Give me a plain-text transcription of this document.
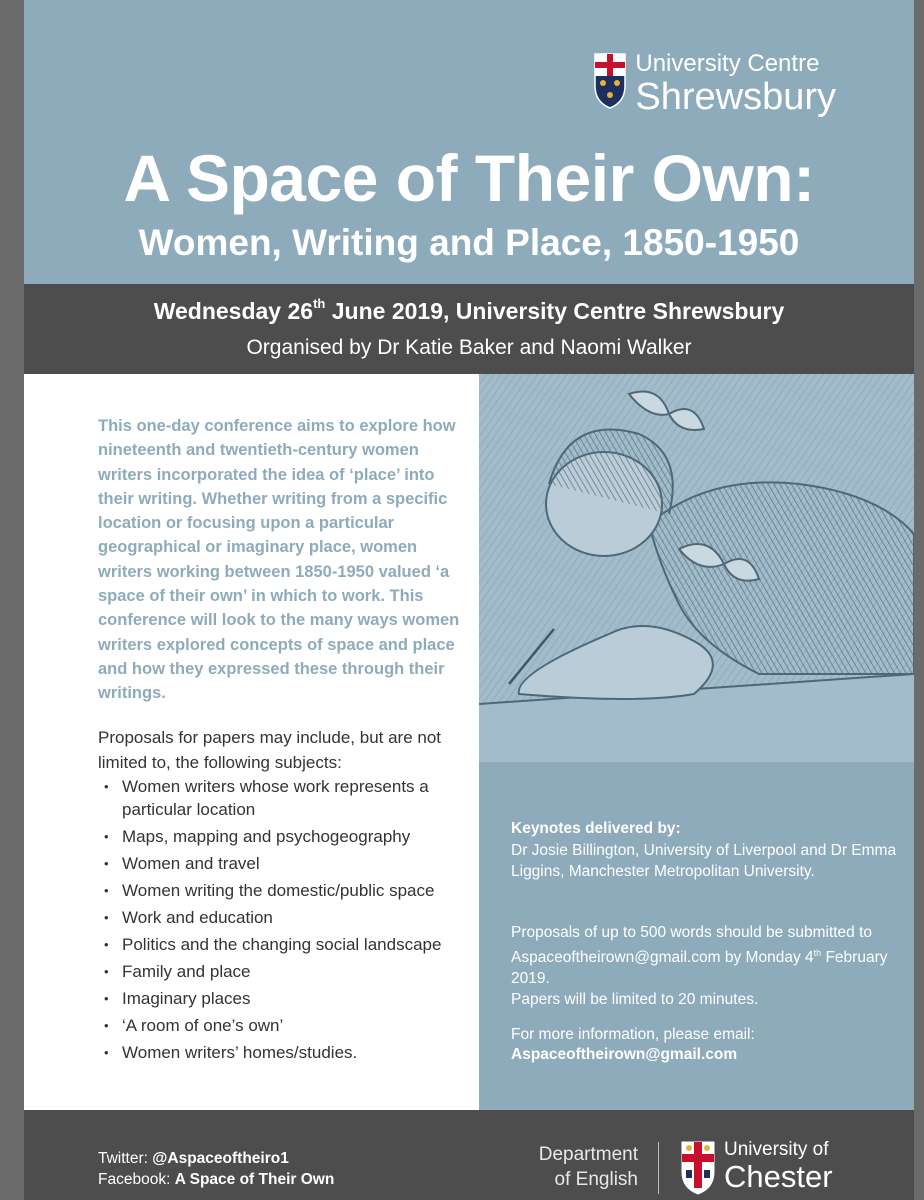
University Centre
Shrewsbury
A Space of Their Own:
Women, Writing and Place, 1850-1950
Wednesday 26th June 2019, University Centre Shrewsbury
Organised by Dr Katie Baker and Naomi Walker

This one-day conference aims to explore how nineteenth and twentieth-century women writers incorporated the idea of ‘place’ into their writing. Whether writing from a specific location or focusing upon a particular geographical or imaginary place, women writers working between 1850-1950 valued ‘a space of their own’ in which to work. This conference will look to the many ways women writers explored concepts of space and place and how they expressed these through their writings.

Proposals for papers may include, but are not limited to, the following subjects:

• Women writers whose work represents a particular location
• Maps, mapping and psychogeography
• Women and travel
• Women writing the domestic/public space
• Work and education
• Politics and the changing social landscape
• Family and place
• Imaginary places
• ‘A room of one’s own’
• Women writers’ homes/studies.
Keynotes delivered by:

Dr Josie Billington, University of Liverpool and Dr Emma Liggins, Manchester Metropolitan University.

Proposals of up to 500 words should be submitted to Aspaceoftheirown@gmail.com by Monday 4th February 2019.
Papers will be limited to 20 minutes.

For more information, please email:
Aspaceoftheirown@gmail.com
Twitter: @Aspaceoftheiro1
Facebook: A Space of Their Own
Department
of English
University of
Chester
